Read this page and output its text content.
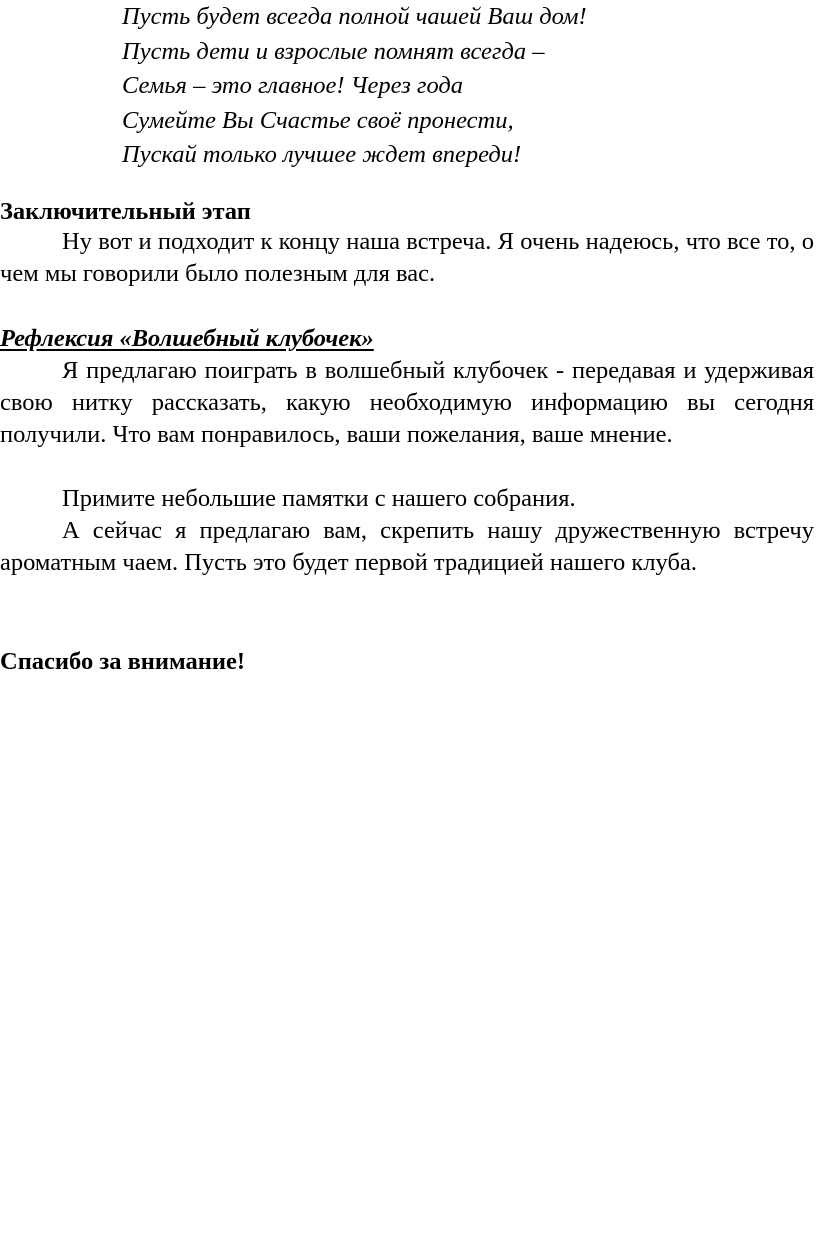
Пусть будет всегда полной чашей Ваш дом!
Пусть дети и взрослые помнят всегда –
Семья – это главное! Через года
Сумейте Вы Счастье своё пронести,
Пускай только лучшее ждет впереди!
Заключительный этап

Ну вот и подходит к концу наша встреча. Я очень надеюсь, что все то, о чем мы говорили было полезным для вас.

Рефлексия «Волшебный клубочек»

Я предлагаю поиграть в волшебный клубочек - передавая и удерживая свою нитку рассказать, какую необходимую информацию вы сегодня получили. Что вам понравилось, ваши пожелания, ваше мнение.

Примите небольшие памятки с нашего собрания.

А сейчас я предлагаю вам, скрепить нашу дружественную встречу ароматным чаем. Пусть это будет первой традицией нашего клуба.

Спасибо за внимание!
